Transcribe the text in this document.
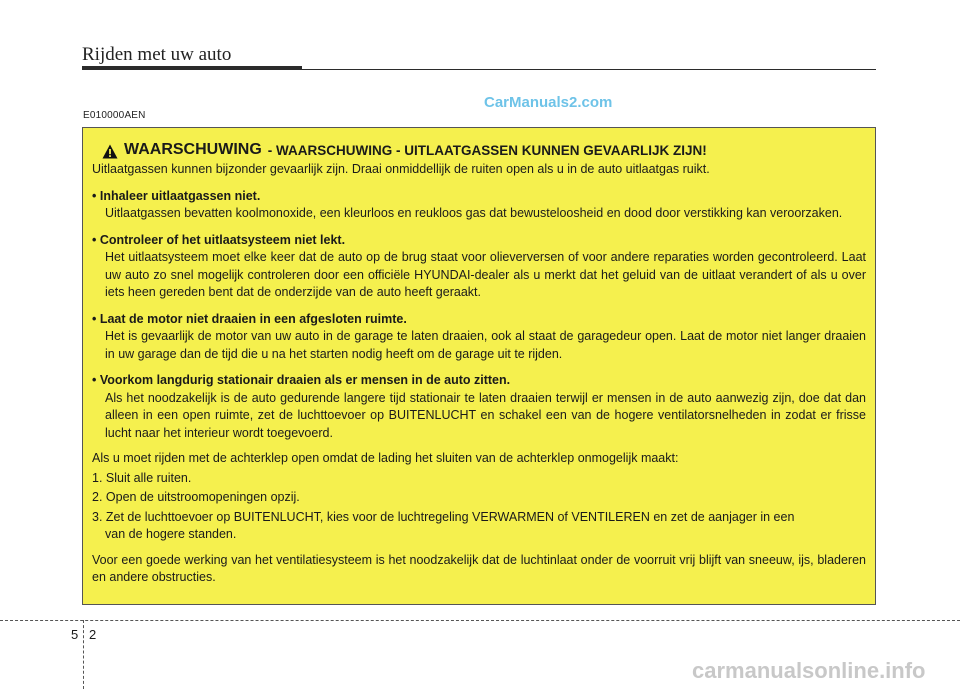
Rijden met uw auto
CarManuals2.com
E010000AEN
WAARSCHUWING - WAARSCHUWING - UITLAATGASSEN KUNNEN GEVAARLIJK ZIJN!

Uitlaatgassen kunnen bijzonder gevaarlijk zijn. Draai onmiddellijk de ruiten open als u in de auto uitlaatgas ruikt.

• Inhaleer uitlaatgassen niet.
Uitlaatgassen bevatten koolmonoxide, een kleurloos en reukloos gas dat bewusteloosheid en dood door verstikking kan veroorzaken.
• Controleer of het uitlaatsysteem niet lekt.
Het uitlaatsysteem moet elke keer dat de auto op de brug staat voor olieverversen of voor andere reparaties worden gecontroleerd. Laat uw auto zo snel mogelijk controleren door een officiële HYUNDAI-dealer als u merkt dat het geluid van de uitlaat verandert of als u over iets heen gereden bent dat de onderzijde van de auto heeft geraakt.
• Laat de motor niet draaien in een afgesloten ruimte.
Het is gevaarlijk de motor van uw auto in de garage te laten draaien, ook al staat de garagedeur open. Laat de motor niet langer draaien in uw garage dan de tijd die u na het starten nodig heeft om de garage uit te rijden.
• Voorkom langdurig stationair draaien als er mensen in de auto zitten.
Als het noodzakelijk is de auto gedurende langere tijd stationair te laten draaien terwijl er mensen in de auto aanwezig zijn, doe dat dan alleen in een open ruimte, zet de luchttoevoer op BUITENLUCHT en schakel een van de hogere ventilatorsnelheden in zodat er frisse lucht naar het interieur wordt toegevoerd.

Als u moet rijden met de achterklep open omdat de lading het sluiten van de achterklep onmogelijk maakt:

1. Sluit alle ruiten.
2. Open de uitstroomopeningen opzij.
3. Zet de luchttoevoer op BUITENLUCHT, kies voor de luchtregeling VERWARMEN of VENTILEREN en zet de aanjager in een
van de hogere standen.

Voor een goede werking van het ventilatiesysteem is het noodzakelijk dat de luchtinlaat onder de voorruit vrij blijft van sneeuw, ijs, bladeren en andere obstructies.

5 2
carmanualsonline.info
